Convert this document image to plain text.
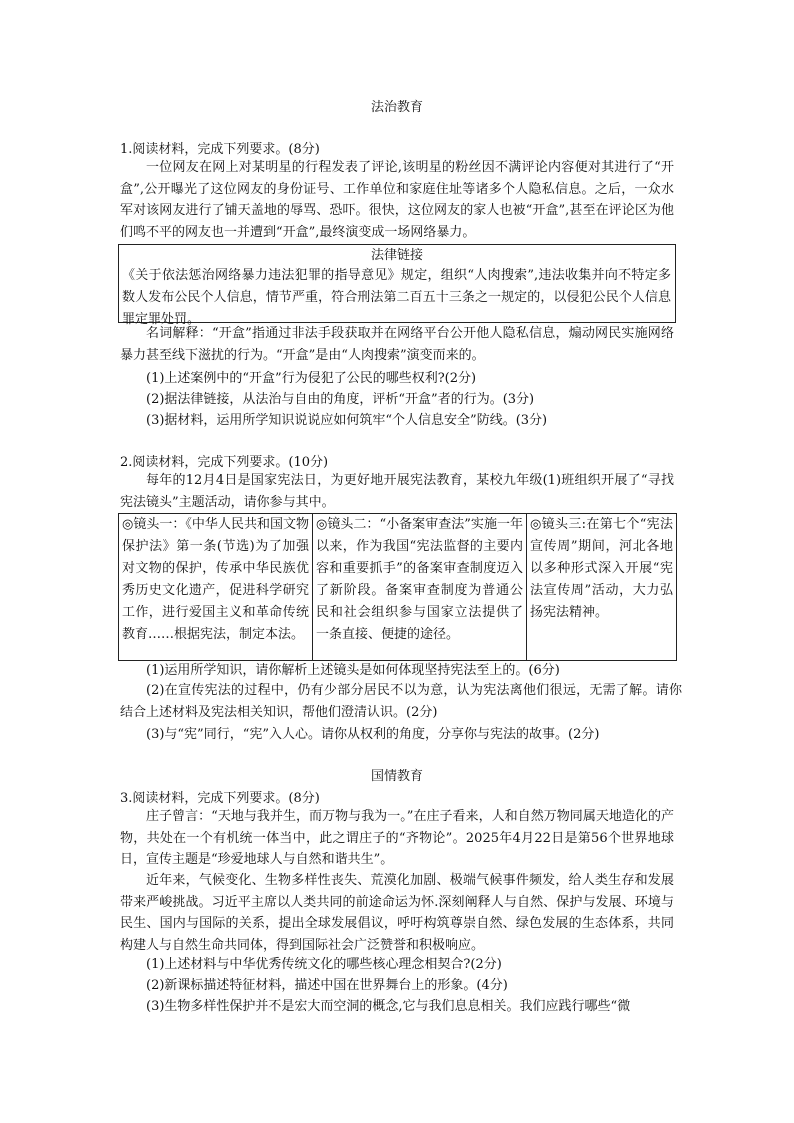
法治教育
1.阅读材料，完成下列要求。(8分)
一位网友在网上对某明星的行程发表了评论,该明星的粉丝因不满评论内容便对其进行了“开盒”,公开曝光了这位网友的身份证号、工作单位和家庭住址等诸多个人隐私信息。之后，一众水军对该网友进行了铺天盖地的辱骂、恐吓。很快，这位网友的家人也被“开盒”,甚至在评论区为他们鸣不平的网友也一并遭到“开盒”,最终演变成一场网络暴力。
法律链接
《关于依法惩治网络暴力违法犯罪的指导意见》规定，组织“人肉搜索”,违法收集并向不特定多数人发布公民个人信息，情节严重，符合刑法第二百五十三条之一规定的，以侵犯公民个人信息罪定罪处罚。
名词解释：“开盒”指通过非法手段获取并在网络平台公开他人隐私信息，煽动网民实施网络暴力甚至线下滋扰的行为。“开盒”是由“人肉搜索”演变而来的。
(1)上述案例中的“开盒”行为侵犯了公民的哪些权利?(2分)
(2)据法律链接，从法治与自由的角度，评析“开盒”者的行为。(3分)
(3)据材料，运用所学知识说说应如何筑牢“个人信息安全”防线。(3分)
2.阅读材料，完成下列要求。(10分)
每年的12月4日是国家宪法日，为更好地开展宪法教育，某校九年级(1)班组织开展了“寻找宪法镜头”主题活动，请你参与其中。
◎镜头一：《中华人民共和国文物保护法》第一条(节选)为了加强对文物的保护，传承中华民族优秀历史文化遗产，促进科学研究工作，进行爱国主义和革命传统教育……根据宪法，制定本法。	◎镜头二：“小备案审查法”实施一年以来，作为我国“宪法监督的主要内容和重要抓手”的备案审查制度迈入了新阶段。备案审查制度为普通公民和社会组织参与国家立法提供了一条直接、便捷的途径。	◎镜头三:在第七个“宪法宣传周”期间，河北各地以多种形式深入开展“宪法宣传周”活动，大力弘扬宪法精神。
(1)运用所学知识，请你解析上述镜头是如何体现坚持宪法至上的。(6分)
(2)在宣传宪法的过程中，仍有少部分居民不以为意，认为宪法离他们很远，无需了解。请你结合上述材料及宪法相关知识，帮他们澄清认识。(2分)
(3)与“宪”同行，“宪”入人心。请你从权利的角度，分享你与宪法的故事。(2分)
国情教育
3.阅读材料，完成下列要求。(8分)
庄子曾言：“天地与我并生，而万物与我为一。”在庄子看来，人和自然万物同属天地造化的产物，共处在一个有机统一体当中，此之谓庄子的“齐物论”。2025年4月22日是第56个世界地球日，宣传主题是“珍爱地球人与自然和谐共生”。
近年来，气候变化、生物多样性丧失、荒漠化加剧、极端气候事件频发，给人类生存和发展带来严峻挑战。习近平主席以人类共同的前途命运为怀.深刻阐释人与自然、保护与发展、环境与民生、国内与国际的关系，提出全球发展倡议，呼吁构筑尊崇自然、绿色发展的生态体系，共同构建人与自然生命共同体，得到国际社会广泛赞誉和积极响应。
(1)上述材料与中华优秀传统文化的哪些核心理念相契合?(2分)
(2)新课标描述特征材料，描述中国在世界舞台上的形象。(4分)
(3)生物多样性保护并不是宏大而空洞的概念,它与我们息息相关。我们应践行哪些“微
